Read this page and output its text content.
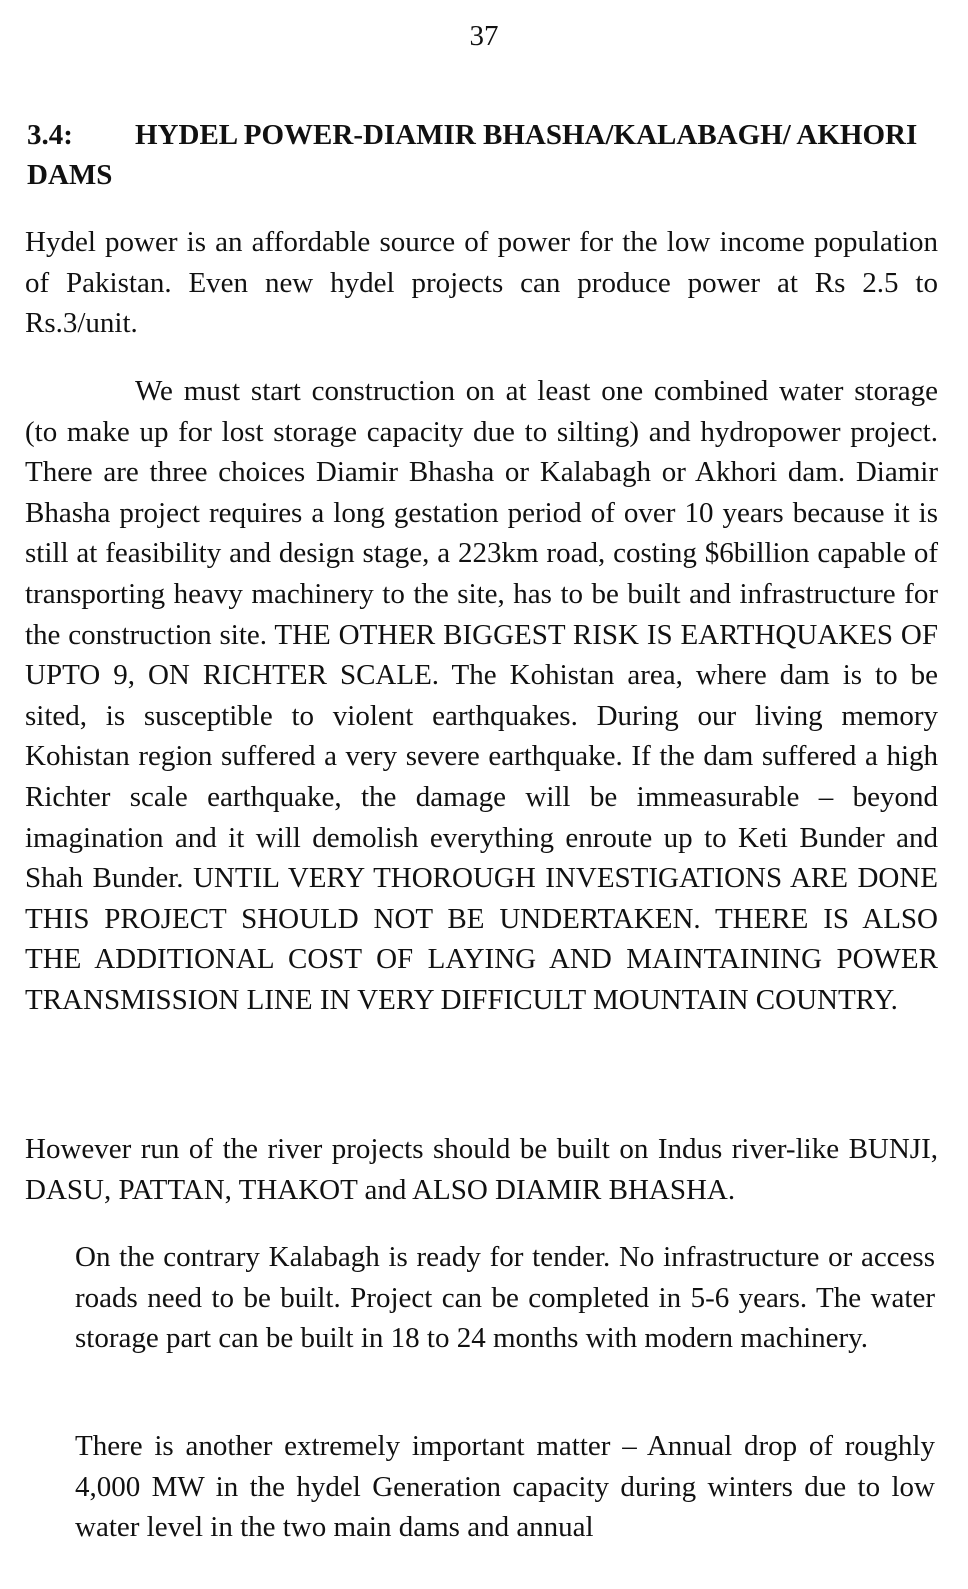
37
3.4: HYDEL POWER-DIAMIR BHASHA/KALABAGH/ AKHORI DAMS

Hydel power is an affordable source of power for the low income population of Pakistan. Even new hydel projects can produce power at Rs 2.5 to Rs.3/unit.

We must start construction on at least one combined water storage (to make up for lost storage capacity due to silting) and hydropower project. There are three choices Diamir Bhasha or Kalabagh or Akhori dam. Diamir Bhasha project requires a long gestation period of over 10 years because it is still at feasibility and design stage, a 223km road, costing $6billion capable of transporting heavy machinery to the site, has to be built and infrastructure for the construction site. THE OTHER BIGGEST RISK IS EARTHQUAKES OF UPTO 9, ON RICHTER SCALE. The Kohistan area, where dam is to be sited, is susceptible to violent earthquakes. During our living memory Kohistan region suffered a very severe earthquake. If the dam suffered a high Richter scale earthquake, the damage will be immeasurable – beyond imagination and it will demolish everything enroute up to Keti Bunder and Shah Bunder. UNTIL VERY THOROUGH INVESTIGATIONS ARE DONE THIS PROJECT SHOULD NOT BE UNDERTAKEN. THERE IS ALSO THE ADDITIONAL COST OF LAYING AND MAINTAINING POWER TRANSMISSION LINE IN VERY DIFFICULT MOUNTAIN COUNTRY.

However run of the river projects should be built on Indus river-like BUNJI, DASU, PATTAN, THAKOT and ALSO DIAMIR BHASHA.

On the contrary Kalabagh is ready for tender. No infrastructure or access roads need to be built. Project can be completed in 5-6 years. The water storage part can be built in 18 to 24 months with modern machinery.

There is another extremely important matter – Annual drop of roughly 4,000 MW in the hydel Generation capacity during winters due to low water level in the two main dams and annual
